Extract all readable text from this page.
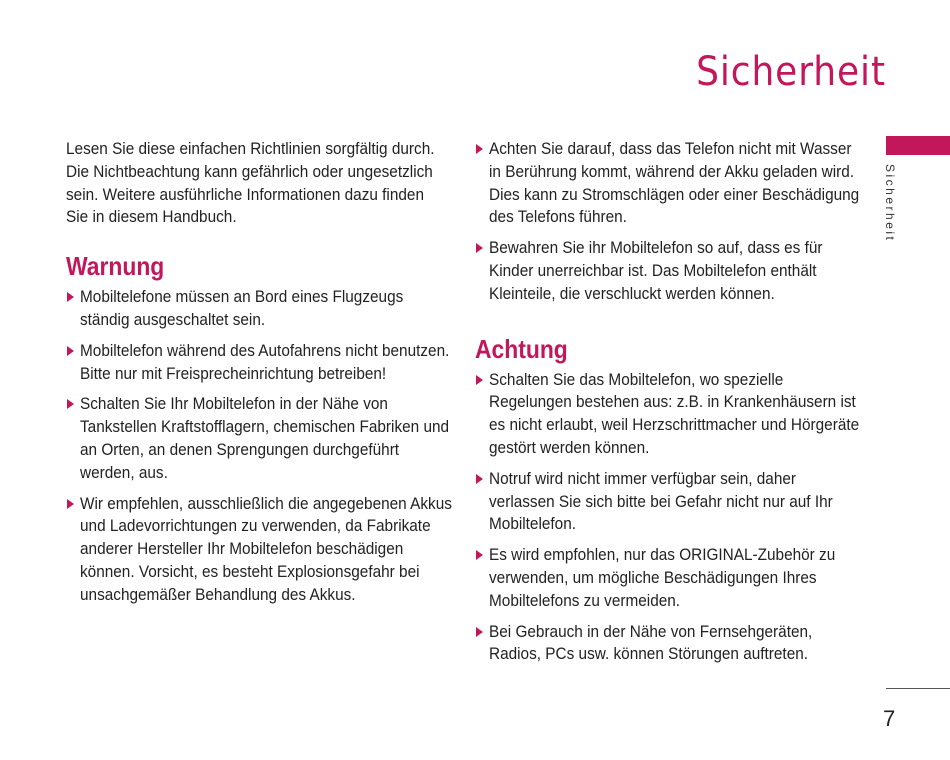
Sicherheit
Sicherheit

Lesen Sie diese einfachen Richtlinien sorgfältig durch. Die Nichtbeachtung kann gefährlich oder ungesetzlich sein. Weitere ausführliche Informationen dazu finden Sie in diesem Handbuch.

Warnung
Mobiltelefone müssen an Bord eines Flugzeugs ständig ausgeschaltet sein.
Mobiltelefon während des Autofahrens nicht benutzen. Bitte nur mit Freisprecheinrichtung betreiben!
Schalten Sie Ihr Mobiltelefon in der Nähe von Tankstellen Kraftstofflagern, chemischen Fabriken und an Orten, an denen Sprengungen durchgeführt werden, aus.
Wir empfehlen, ausschließlich die angegebenen Akkus und Ladevorrichtungen zu verwenden, da Fabrikate anderer Hersteller Ihr Mobiltelefon beschädigen können. Vorsicht, es besteht Explosionsgefahr bei unsachgemäßer Behandlung des Akkus.
Achten Sie darauf, dass das Telefon nicht mit Wasser in Berührung kommt, während der Akku geladen wird. Dies kann zu Stromschlägen oder einer Beschädigung des Telefons führen.
Bewahren Sie ihr Mobiltelefon so auf, dass es für Kinder unerreichbar ist. Das Mobiltelefon enthält Kleinteile, die verschluckt werden können.
Achtung
Schalten Sie das Mobiltelefon, wo spezielle Regelungen bestehen aus: z.B. in Krankenhäusern ist es nicht erlaubt, weil Herzschrittmacher und Hörgeräte gestört werden können.
Notruf wird nicht immer verfügbar sein, daher verlassen Sie sich bitte bei Gefahr nicht nur auf Ihr Mobiltelefon.
Es wird empfohlen, nur das ORIGINAL-Zubehör zu verwenden, um mögliche Beschädigungen Ihres Mobiltelefons zu vermeiden.
Bei Gebrauch in der Nähe von Fernsehgeräten, Radios, PCs usw. können Störungen auftreten.
7
